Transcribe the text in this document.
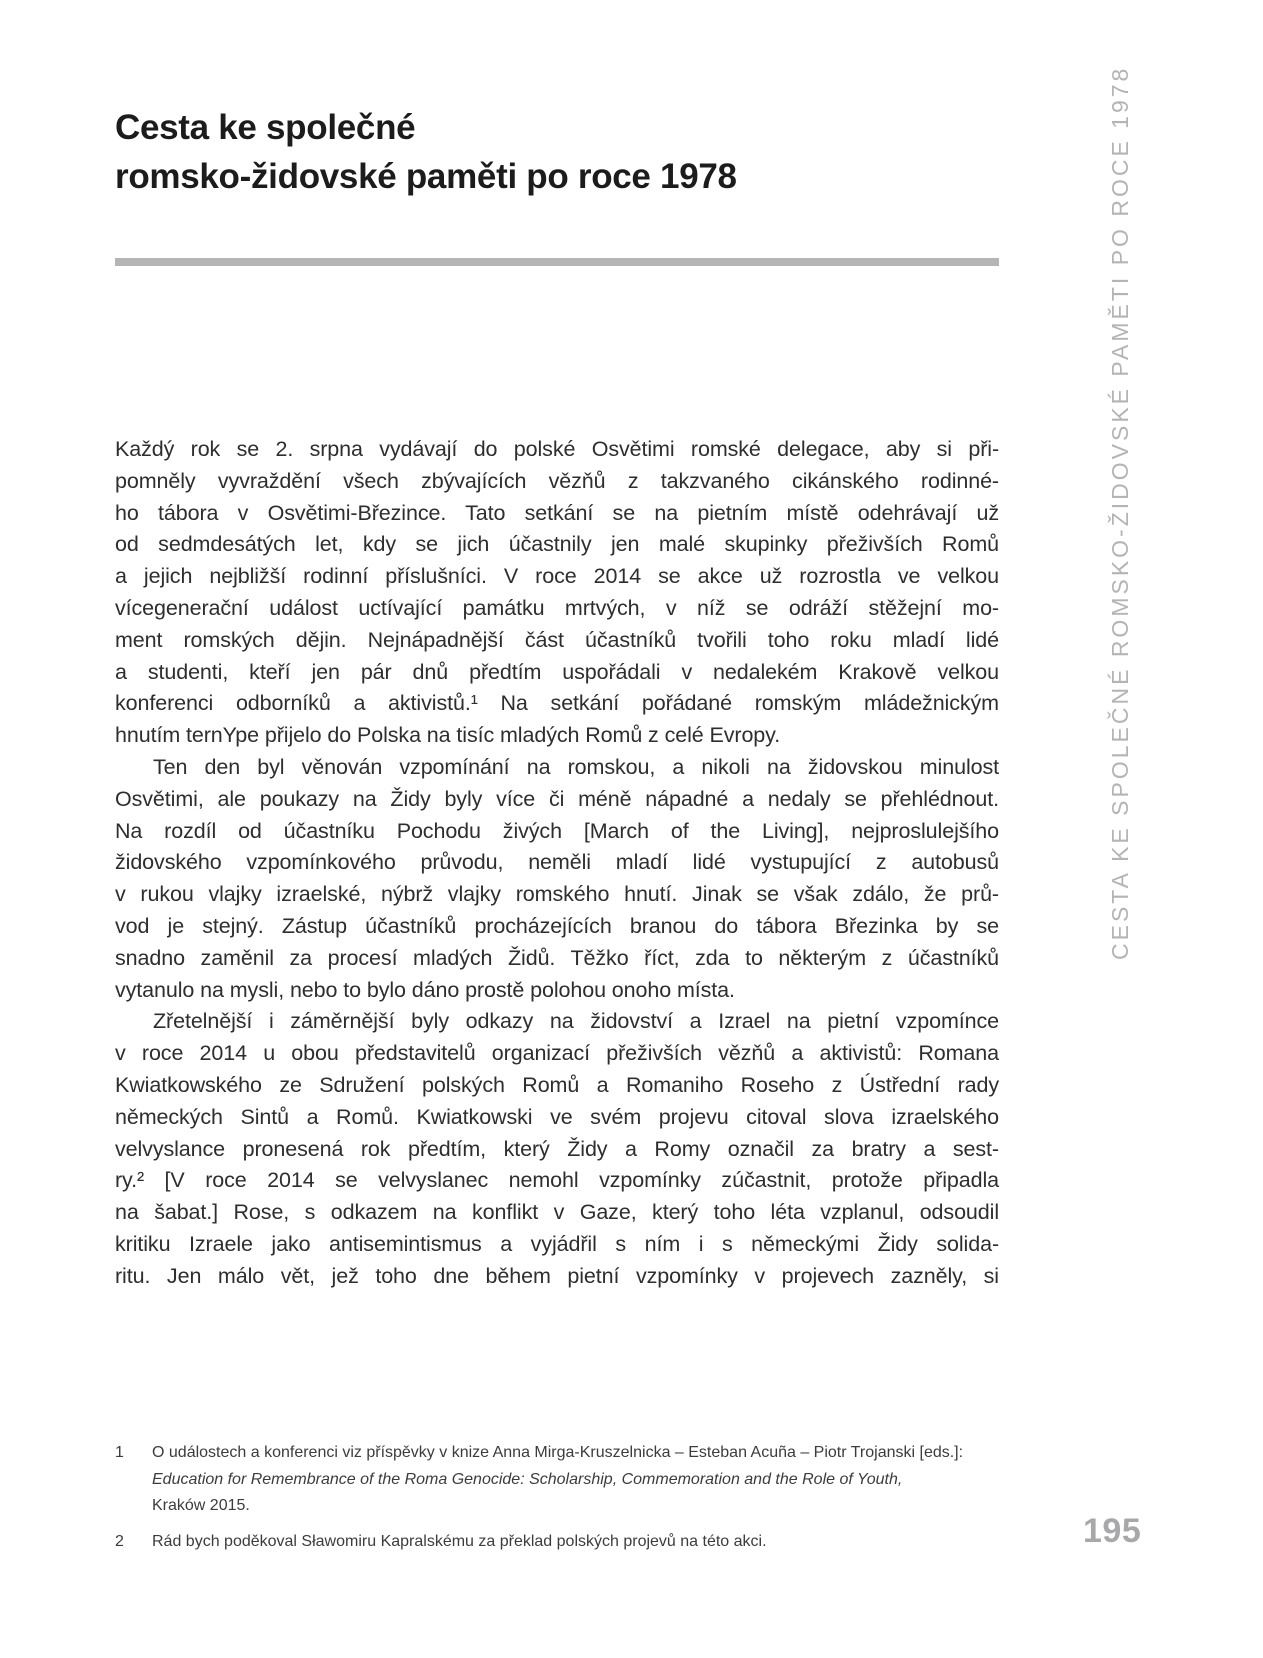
Cesta ke společné
romsko-židovské paměti po roce 1978
Každý rok se 2. srpna vydávají do polské Osvětimi romské delegace, aby si při-
pomněly vyvraždění všech zbývajících vězňů z takzvaného cikánského rodinné-
ho tábora v Osvětimi-Březince. Tato setkání se na pietním místě odehrávají už
od sedmdesátých let, kdy se jich účastnily jen malé skupinky přeživších Romů
a jejich nejbližší rodinní příslušníci. V roce 2014 se akce už rozrostla ve velkou
vícegenerační událost uctívající památku mrtvých, v níž se odráží stěžejní mo-
ment romských dějin. Nejnápadnější část účastníků tvořili toho roku mladí lidé
a studenti, kteří jen pár dnů předtím uspořádali v nedalekém Krakově velkou
konferenci odborníků a aktivistů.¹ Na setkání pořádané romským mládežnickým
hnutím ternYpe přijelo do Polska na tisíc mladých Romů z celé Evropy.
Ten den byl věnován vzpomínání na romskou, a nikoli na židovskou minulost
Osvětimi, ale poukazy na Židy byly více či méně nápadné a nedaly se přehlédnout.
Na rozdíl od účastníku Pochodu živých [March of the Living], nejproslulejšího
židovského vzpomínkového průvodu, neměli mladí lidé vystupující z autobusů
v rukou vlajky izraelské, nýbrž vlajky romského hnutí. Jinak se však zdálo, že prů-
vod je stejný. Zástup účastníků procházejících branou do tábora Březinka by se
snadno zaměnil za procesí mladých Židů. Těžko říct, zda to některým z účastníků
vytanulo na mysli, nebo to bylo dáno prostě polohou onoho místa.
Zřetelnější i záměrnější byly odkazy na židovství a Izrael na pietní vzpomínce
v roce 2014 u obou představitelů organizací přeživších vězňů a aktivistů: Romana
Kwiatkowského ze Sdružení polských Romů a Romaniho Roseho z Ústřední rady
německých Sintů a Romů. Kwiatkowski ve svém projevu citoval slova izraelského
velvyslance pronesená rok předtím, který Židy a Romy označil za bratry a sest-
ry.² [V roce 2014 se velvyslanec nemohl vzpomínky zúčastnit, protože připadla
na šabat.] Rose, s odkazem na konflikt v Gaze, který toho léta vzplanul, odsoudil
kritiku Izraele jako antisemintismus a vyjádřil s ním i s německými Židy solida-
ritu. Jen málo vět, jež toho dne během pietní vzpomínky v projevech zazněly, si
1	O událostech a konferenci viz příspěvky v knize Anna Mirga-Kruszelnicka – Esteban Acuña – Piotr Trojanski [eds.]:
Education for Remembrance of the Roma Genocide: Scholarship, Commemoration and the Role of Youth,
Kraków 2015.
2	Rád bych poděkoval Sławomiru Kapralskému za překlad polských projevů na této akci.
CESTA KE SPOLEČNÉ ROMSKO-ŽIDOVSKÉ PAMĚTI PO ROCE 1978
195
